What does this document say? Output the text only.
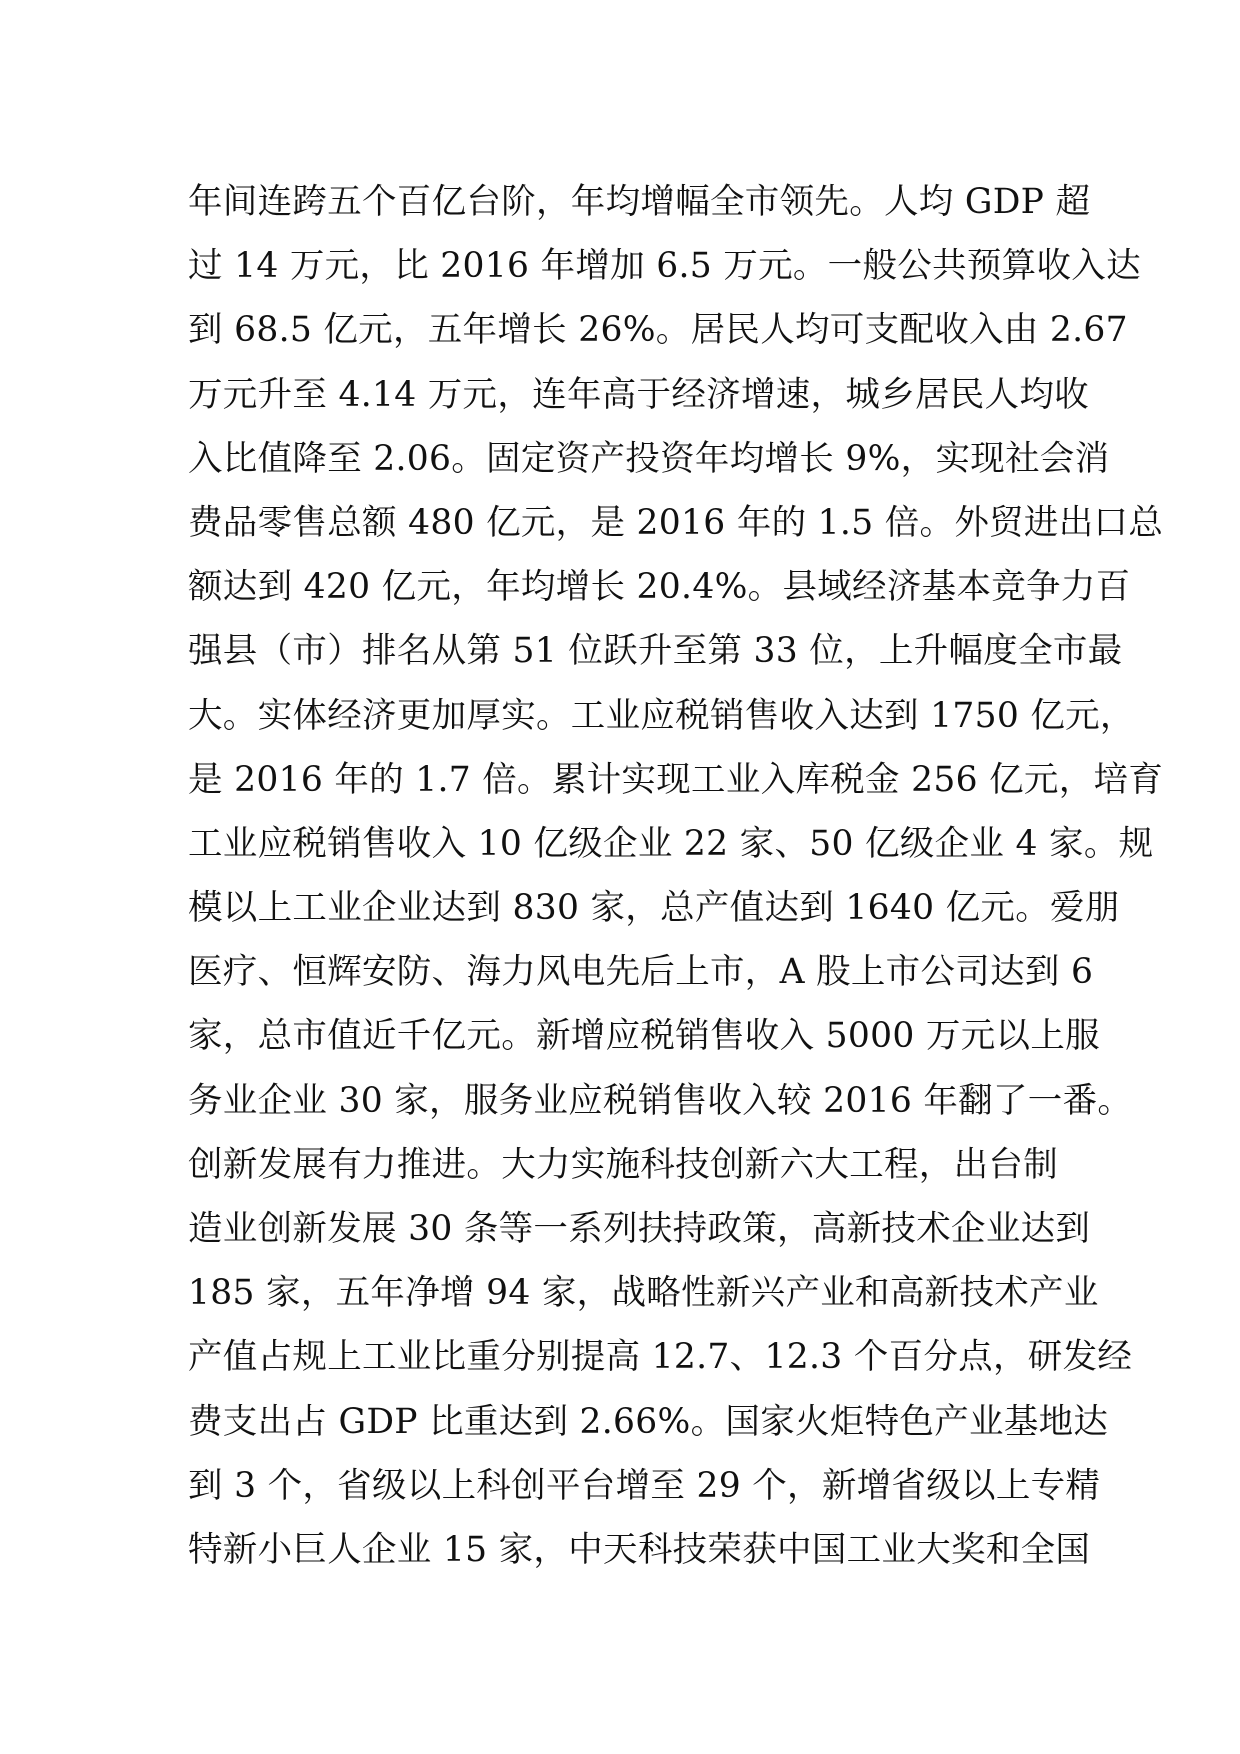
年间连跨五个百亿台阶，年均增幅全市领先。人均 GDP 超
过 14 万元，比 2016 年增加 6.5 万元。一般公共预算收入达
到 68.5 亿元，五年增长 26%。居民人均可支配收入由 2.67
万元升至 4.14 万元，连年高于经济增速，城乡居民人均收
入比值降至 2.06。固定资产投资年均增长 9%，实现社会消
费品零售总额 480 亿元，是 2016 年的 1.5 倍。外贸进出口总
额达到 420 亿元，年均增长 20.4%。县域经济基本竞争力百
强县（市）排名从第 51 位跃升至第 33 位，上升幅度全市最
大。实体经济更加厚实。工业应税销售收入达到 1750 亿元，
是 2016 年的 1.7 倍。累计实现工业入库税金 256 亿元，培育
工业应税销售收入 10 亿级企业 22 家、50 亿级企业 4 家。规
模以上工业企业达到 830 家，总产值达到 1640 亿元。爱朋
医疗、恒辉安防、海力风电先后上市，A 股上市公司达到 6
家，总市值近千亿元。新增应税销售收入 5000 万元以上服
务业企业 30 家，服务业应税销售收入较 2016 年翻了一番。
创新发展有力推进。大力实施科技创新六大工程，出台制
造业创新发展 30 条等一系列扶持政策，高新技术企业达到
185 家，五年净增 94 家，战略性新兴产业和高新技术产业
产值占规上工业比重分别提高 12.7、12.3 个百分点，研发经
费支出占 GDP 比重达到 2.66%。国家火炬特色产业基地达
到 3 个，省级以上科创平台增至 29 个，新增省级以上专精
特新小巨人企业 15 家，中天科技荣获中国工业大奖和全国
